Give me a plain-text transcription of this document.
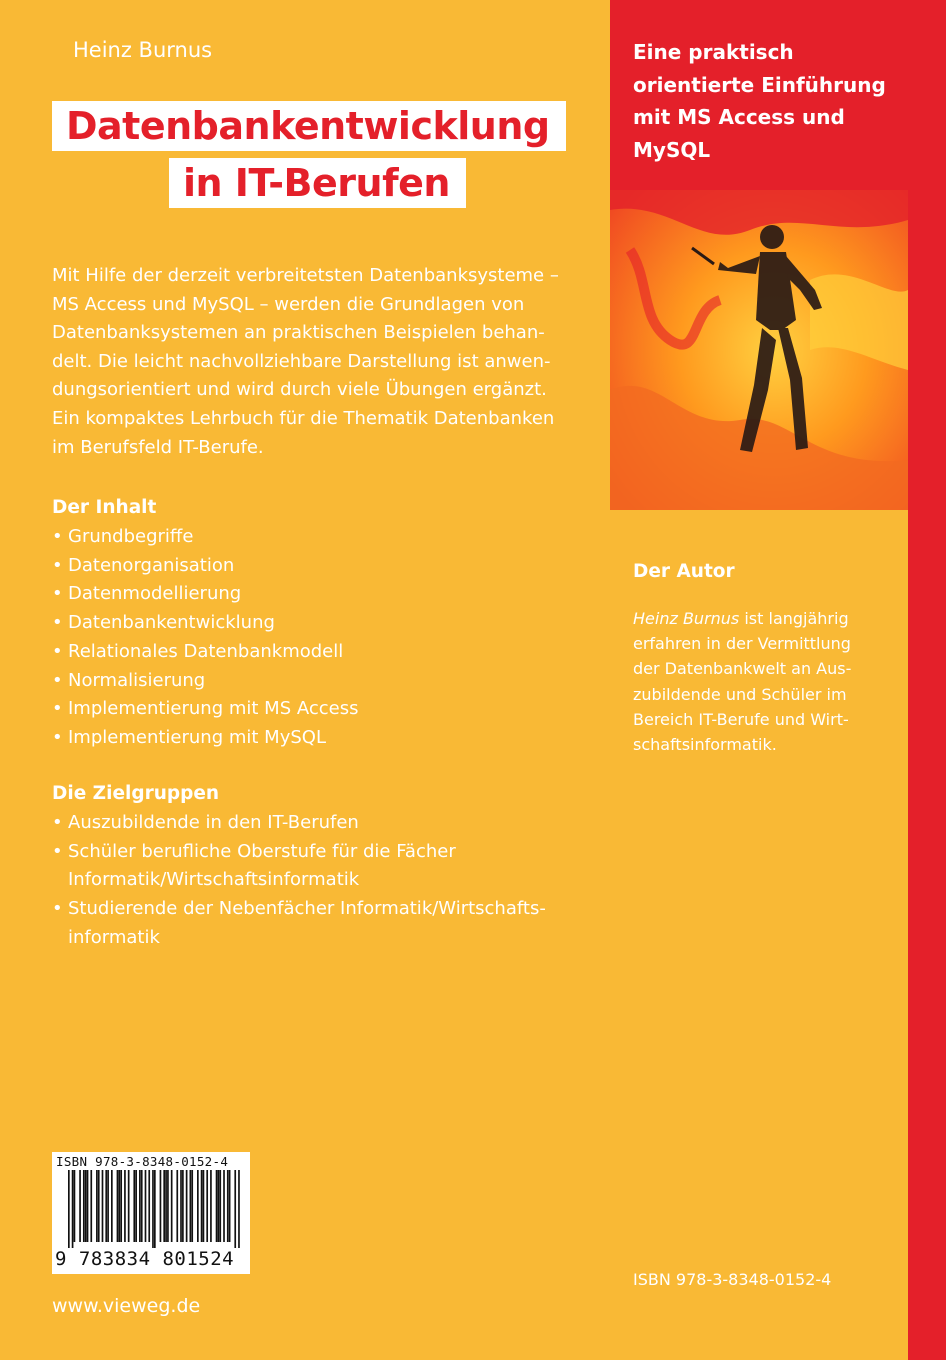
Heinz Burnus
Datenbankentwicklung
in IT-Berufen
Mit Hilfe der derzeit verbreitetsten Datenbanksysteme –
MS Access und MySQL – werden die Grundlagen von
Datenbanksystemen an praktischen Beispielen behan-
delt. Die leicht nachvollziehbare Darstellung ist anwen-
dungsorientiert und wird durch viele Übungen ergänzt.
Ein kompaktes Lehrbuch für die Thematik Datenbanken
im Berufsfeld IT-Berufe.
Der Inhalt
• Grundbegriffe
• Datenorganisation
• Datenmodellierung
• Datenbankentwicklung
• Relationales Datenbankmodell
• Normalisierung
• Implementierung mit MS Access
• Implementierung mit MySQL
Die Zielgruppen
• Auszubildende in den IT-Berufen
• Schüler berufliche Oberstufe für die Fächer
Informatik/Wirtschaftsinformatik
• Studierende der Nebenfächer Informatik/Wirtschafts-
informatik
ISBN 978-3-8348-0152-4
9 783834 801524
www.vieweg.de
Eine praktisch
orientierte Einführung
mit MS Access und
MySQL
Der Autor
Heinz Burnus ist langjährig
erfahren in der Vermittlung
der Datenbankwelt an Aus-
zubildende und Schüler im
Bereich IT-Berufe und Wirt-
schaftsinformatik.
ISBN 978-3-8348-0152-4
